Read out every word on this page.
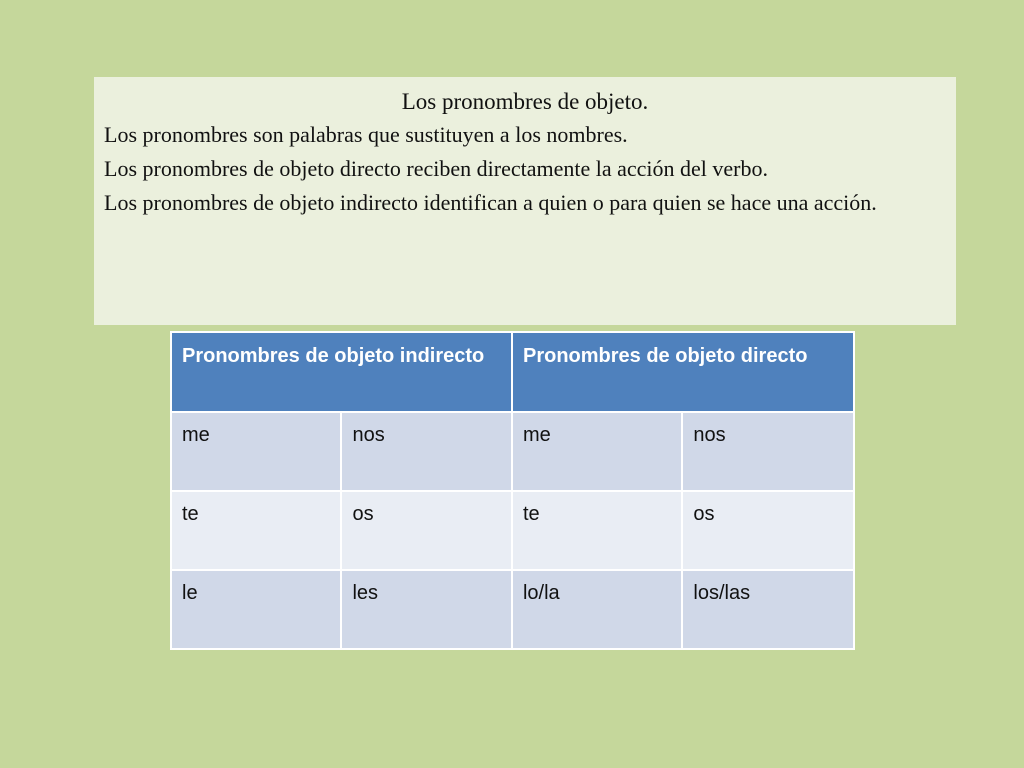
Los pronombres de objeto.

Los pronombres son palabras que sustituyen a los nombres.

Los pronombres de objeto directo reciben directamente la acción del verbo.

Los pronombres de objeto indirecto identifican a quien o para quien se hace una acción.

Pronombres de objeto indirecto		Pronombres de objeto directo	
me	nos	me	nos
te	os	te	os
le	les	lo/la	los/las
